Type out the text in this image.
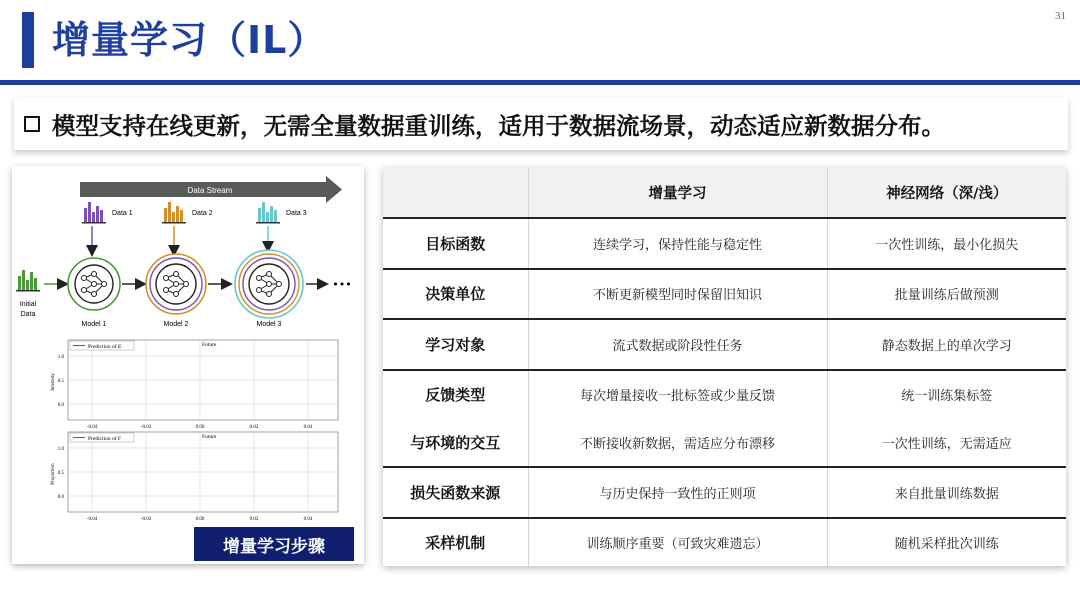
增量学习（IL）
31
模型支持在线更新，无需全量数据重训练，适用于数据流场景，动态适应新数据分布。
Data Stream
Data 1	Data 2	Data 3
Initial
Data
Model 1	Model 2	Model 3
•••
Prediction of E	Future
Intensity
1.0
0.5
0.0
-0.04	-0.02	0.00	0.02	0.04
Prediction of F	Future
Proportion
1.0
0.5
0.0
-0.04	-0.02	0.00	0.02	0.04
增量学习步骤
	增量学习	神经网络（深/浅）
目标函数	连续学习，保持性能与稳定性	一次性训练，最小化损失
决策单位	不断更新模型同时保留旧知识	批量训练后做预测
学习对象	流式数据或阶段性任务	静态数据上的单次学习
反馈类型	每次增量接收一批标签或少量反馈	统一训练集标签
与环境的交互	不断接收新数据，需适应分布漂移	一次性训练，无需适应
损失函数来源	与历史保持一致性的正则项	来自批量训练数据
采样机制	训练顺序重要（可致灾难遗忘）	随机采样批次训练
